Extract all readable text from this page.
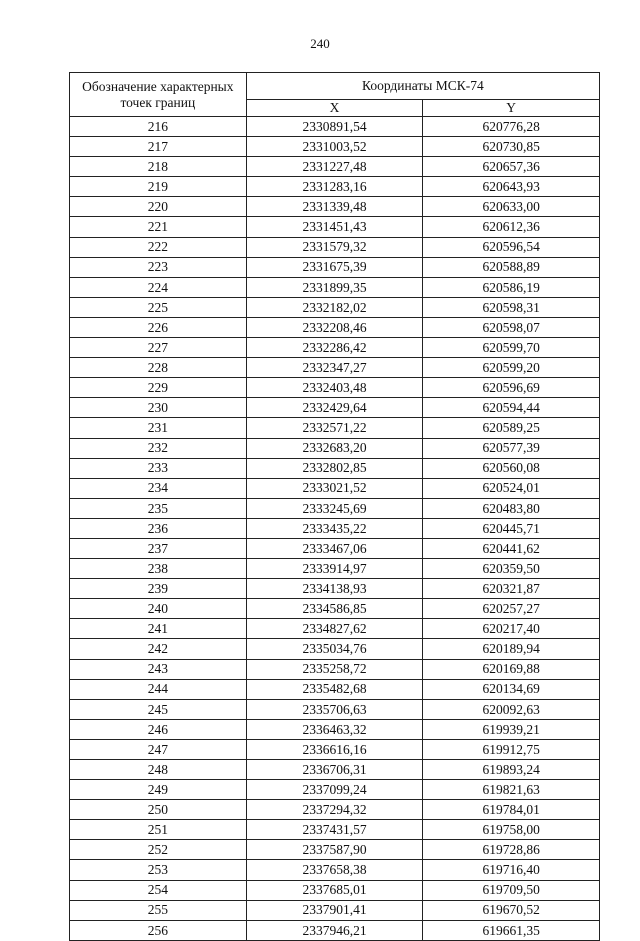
240
Обозначение характерных точек границ	Координаты МСК-74	
	X	Y
216	2330891,54	620776,28
217	2331003,52	620730,85
218	2331227,48	620657,36
219	2331283,16	620643,93
220	2331339,48	620633,00
221	2331451,43	620612,36
222	2331579,32	620596,54
223	2331675,39	620588,89
224	2331899,35	620586,19
225	2332182,02	620598,31
226	2332208,46	620598,07
227	2332286,42	620599,70
228	2332347,27	620599,20
229	2332403,48	620596,69
230	2332429,64	620594,44
231	2332571,22	620589,25
232	2332683,20	620577,39
233	2332802,85	620560,08
234	2333021,52	620524,01
235	2333245,69	620483,80
236	2333435,22	620445,71
237	2333467,06	620441,62
238	2333914,97	620359,50
239	2334138,93	620321,87
240	2334586,85	620257,27
241	2334827,62	620217,40
242	2335034,76	620189,94
243	2335258,72	620169,88
244	2335482,68	620134,69
245	2335706,63	620092,63
246	2336463,32	619939,21
247	2336616,16	619912,75
248	2336706,31	619893,24
249	2337099,24	619821,63
250	2337294,32	619784,01
251	2337431,57	619758,00
252	2337587,90	619728,86
253	2337658,38	619716,40
254	2337685,01	619709,50
255	2337901,41	619670,52
256	2337946,21	619661,35
